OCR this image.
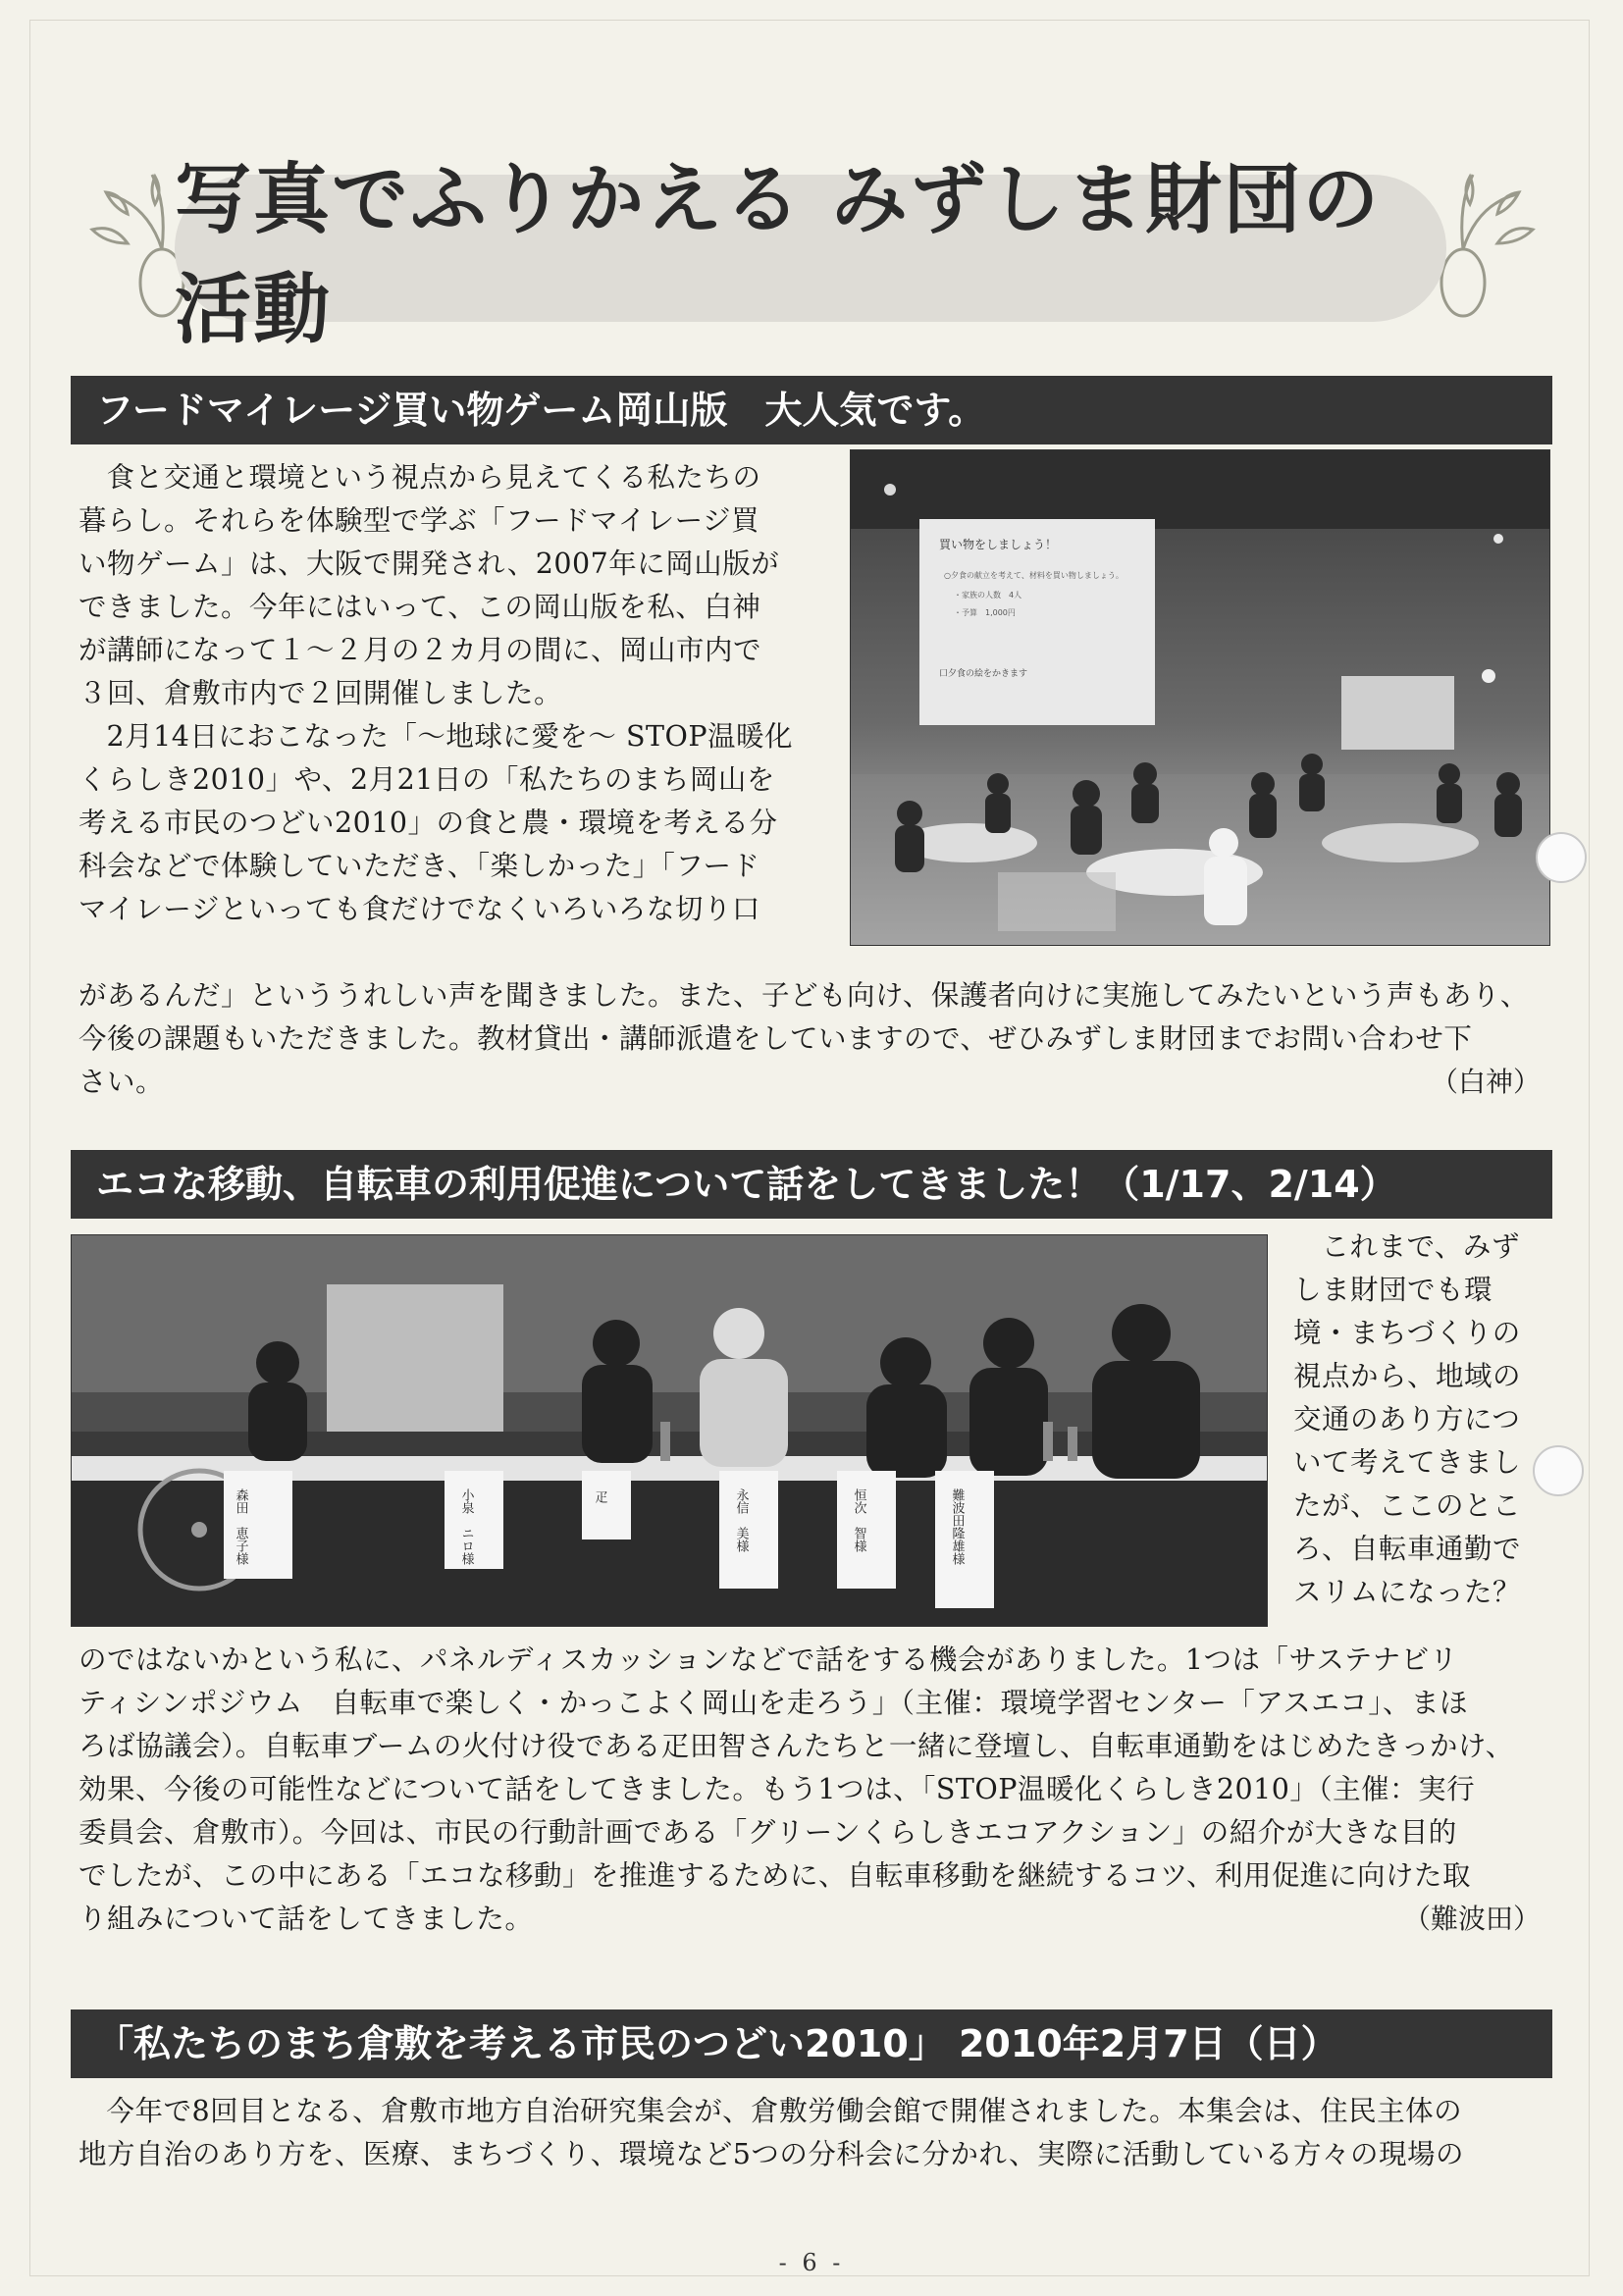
写真でふりかえる みずしま財団の活動
フードマイレージ買い物ゲーム岡山版　大人気です。

食と交通と環境という視点から見えてくる私たちの

暮らし。それらを体験型で学ぶ「フードマイレージ買

い物ゲーム」は、大阪で開発され、2007年に岡山版が

できました。今年にはいって、この岡山版を私、白神

が講師になって１～２月の２カ月の間に、岡山市内で

３回、倉敷市内で２回開催しました。

2月14日におこなった「～地球に愛を～ STOP温暖化

くらしき2010」や、2月21日の「私たちのまち岡山を

考える市民のつどい2010」の食と農・環境を考える分

科会などで体験していただき、「楽しかった」「フード

マイレージといっても食だけでなくいろいろな切り口

買い物をしましょう！
○夕食の献立を考えて、材料を買い物しましょう。
・家族の人数　4人
・予算　1,000円
口夕食の絵をかきます

があるんだ」といううれしい声を聞きました。また、子ども向け、保護者向けに実施してみたいという声もあり、

今後の課題もいただきました。教材貸出・講師派遣をしていますので、ぜひみずしま財団までお問い合わせ下

さい。	（白神）
エコな移動、自転車の利用促進について話をしてきました！（1/17、2/14）
森田　恵子様	小泉　ニロ様	疋	永信　美様	恒次　智様	難波田隆雄様

これまで、みず

しま財団でも環

境・まちづくりの

視点から、地域の

交通のあり方につ

いて考えてきまし

たが、ここのとこ

ろ、自転車通勤で

スリムになった？

のではないかという私に、パネルディスカッションなどで話をする機会がありました。1つは「サステナビリ

ティシンポジウム　自転車で楽しく・かっこよく岡山を走ろう」（主催：環境学習センター「アスエコ」、まほ

ろば協議会）。自転車ブームの火付け役である疋田智さんたちと一緒に登壇し、自転車通勤をはじめたきっかけ、

効果、今後の可能性などについて話をしてきました。もう1つは、「STOP温暖化くらしき2010」（主催：実行

委員会、倉敷市）。今回は、市民の行動計画である「グリーンくらしきエコアクション」の紹介が大きな目的

でしたが、この中にある「エコな移動」を推進するために、自転車移動を継続するコツ、利用促進に向けた取

り組みについて話をしてきました。	（難波田）
「私たちのまち倉敷を考える市民のつどい2010」 2010年2月7日（日）

今年で8回目となる、倉敷市地方自治研究集会が、倉敷労働会館で開催されました。本集会は、住民主体の

地方自治のあり方を、医療、まちづくり、環境など5つの分科会に分かれ、実際に活動している方々の現場の

- 6 -
